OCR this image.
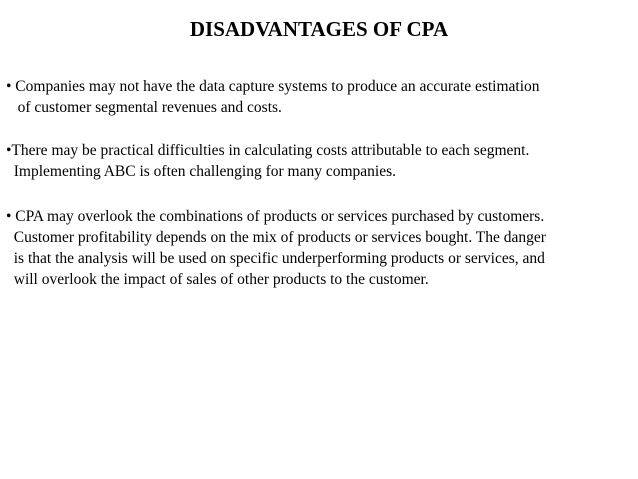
DISADVANTAGES OF CPA
• Companies may not have the data capture systems to produce an accurate estimation
of customer segmental revenues and costs.
•There may be practical difficulties in calculating costs attributable to each segment.
Implementing ABC is often challenging for many companies.
• CPA may overlook the combinations of products or services purchased by customers.
Customer profitability depends on the mix of products or services bought. The danger
is that the analysis will be used on specific underperforming products or services, and
will overlook the impact of sales of other products to the customer.
